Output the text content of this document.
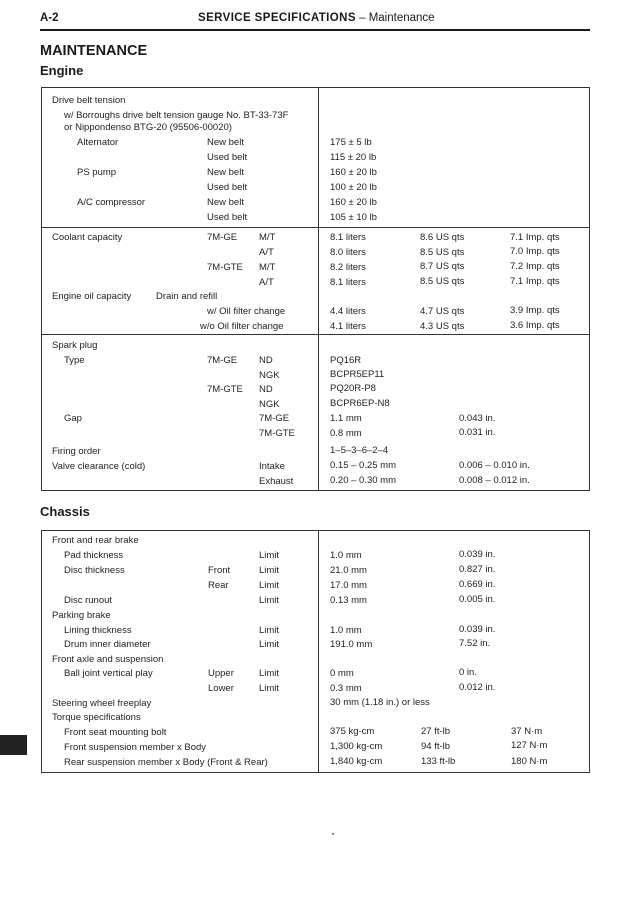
A-2	SERVICE SPECIFICATIONS – Maintenance
MAINTENANCE
Engine
Drive belt tension
w/ Borroughs drive belt tension gauge No. BT-33-73F
or Nippondenso BTG-20 (95506-00020)
Alternator	New belt	175 ± 5 lb
Used belt	115 ± 20 lb
PS pump	New belt	160 ± 20 lb
Used belt	100 ± 20 lb
A/C compressor	New belt	160 ± 20 lb
Used belt	105 ± 10 lb
Coolant capacity	7M-GE M/T	8.1 liters	8.6 US qts	7.1 Imp. qts
A/T	8.0 liters	8.5 US qts	7.0 Imp. qts
7M-GTE M/T	8.2 liters	8.7 US qts	7.2 Imp. qts
A/T	8.1 liters	8.5 US qts	7.1 Imp. qts
Engine oil capacity	Drain and refill
w/ Oil filter change	4.4 liters	4.7 US qts	3.9 Imp. qts
w/o Oil filter change	4.1 liters	4.3 US qts	3.6 Imp. qts
Spark plug
Type	7M-GE ND	PQ16R
NGK	BCPR5EP11
7M-GTE ND	PQ20R-P8
NGK	BCPR6EP-N8
Gap	7M-GE	1.1 mm	0.043 in.
7M-GTE	0.8 mm	0.031 in.
Firing order	1–5–3–6–2–4
Valve clearance (cold)	Intake	0.15 – 0.25 mm	0.006 – 0.010 in.
Exhaust	0.20 – 0.30 mm	0.008 – 0.012 in.
Chassis
Front and rear brake
Pad thickness	Limit	1.0 mm	0.039 in.
Disc thickness	Front	Limit	21.0 mm	0.827 in.
Rear	Limit	17.0 mm	0.669 in.
Disc runout	Limit	0.13 mm	0.005 in.
Parking brake
Lining thickness	Limit	1.0 mm	0.039 in.
Drum inner diameter	Limit	191.0 mm	7.52 in.
Front axle and suspension
Ball joint vertical play	Upper	Limit	0 mm	0 in.
Lower	Limit	0.3 mm	0.012 in.
Steering wheel freeplay	30 mm (1.18 in.) or less
Torque specifications
Front seat mounting bolt	375 kg-cm	27 ft-lb	37 N·m
Front suspension member x Body	1,300 kg-cm	94 ft-lb	127 N·m
Rear suspension member x Body (Front & Rear)	1,840 kg-cm	133 ft-lb	180 N·m
